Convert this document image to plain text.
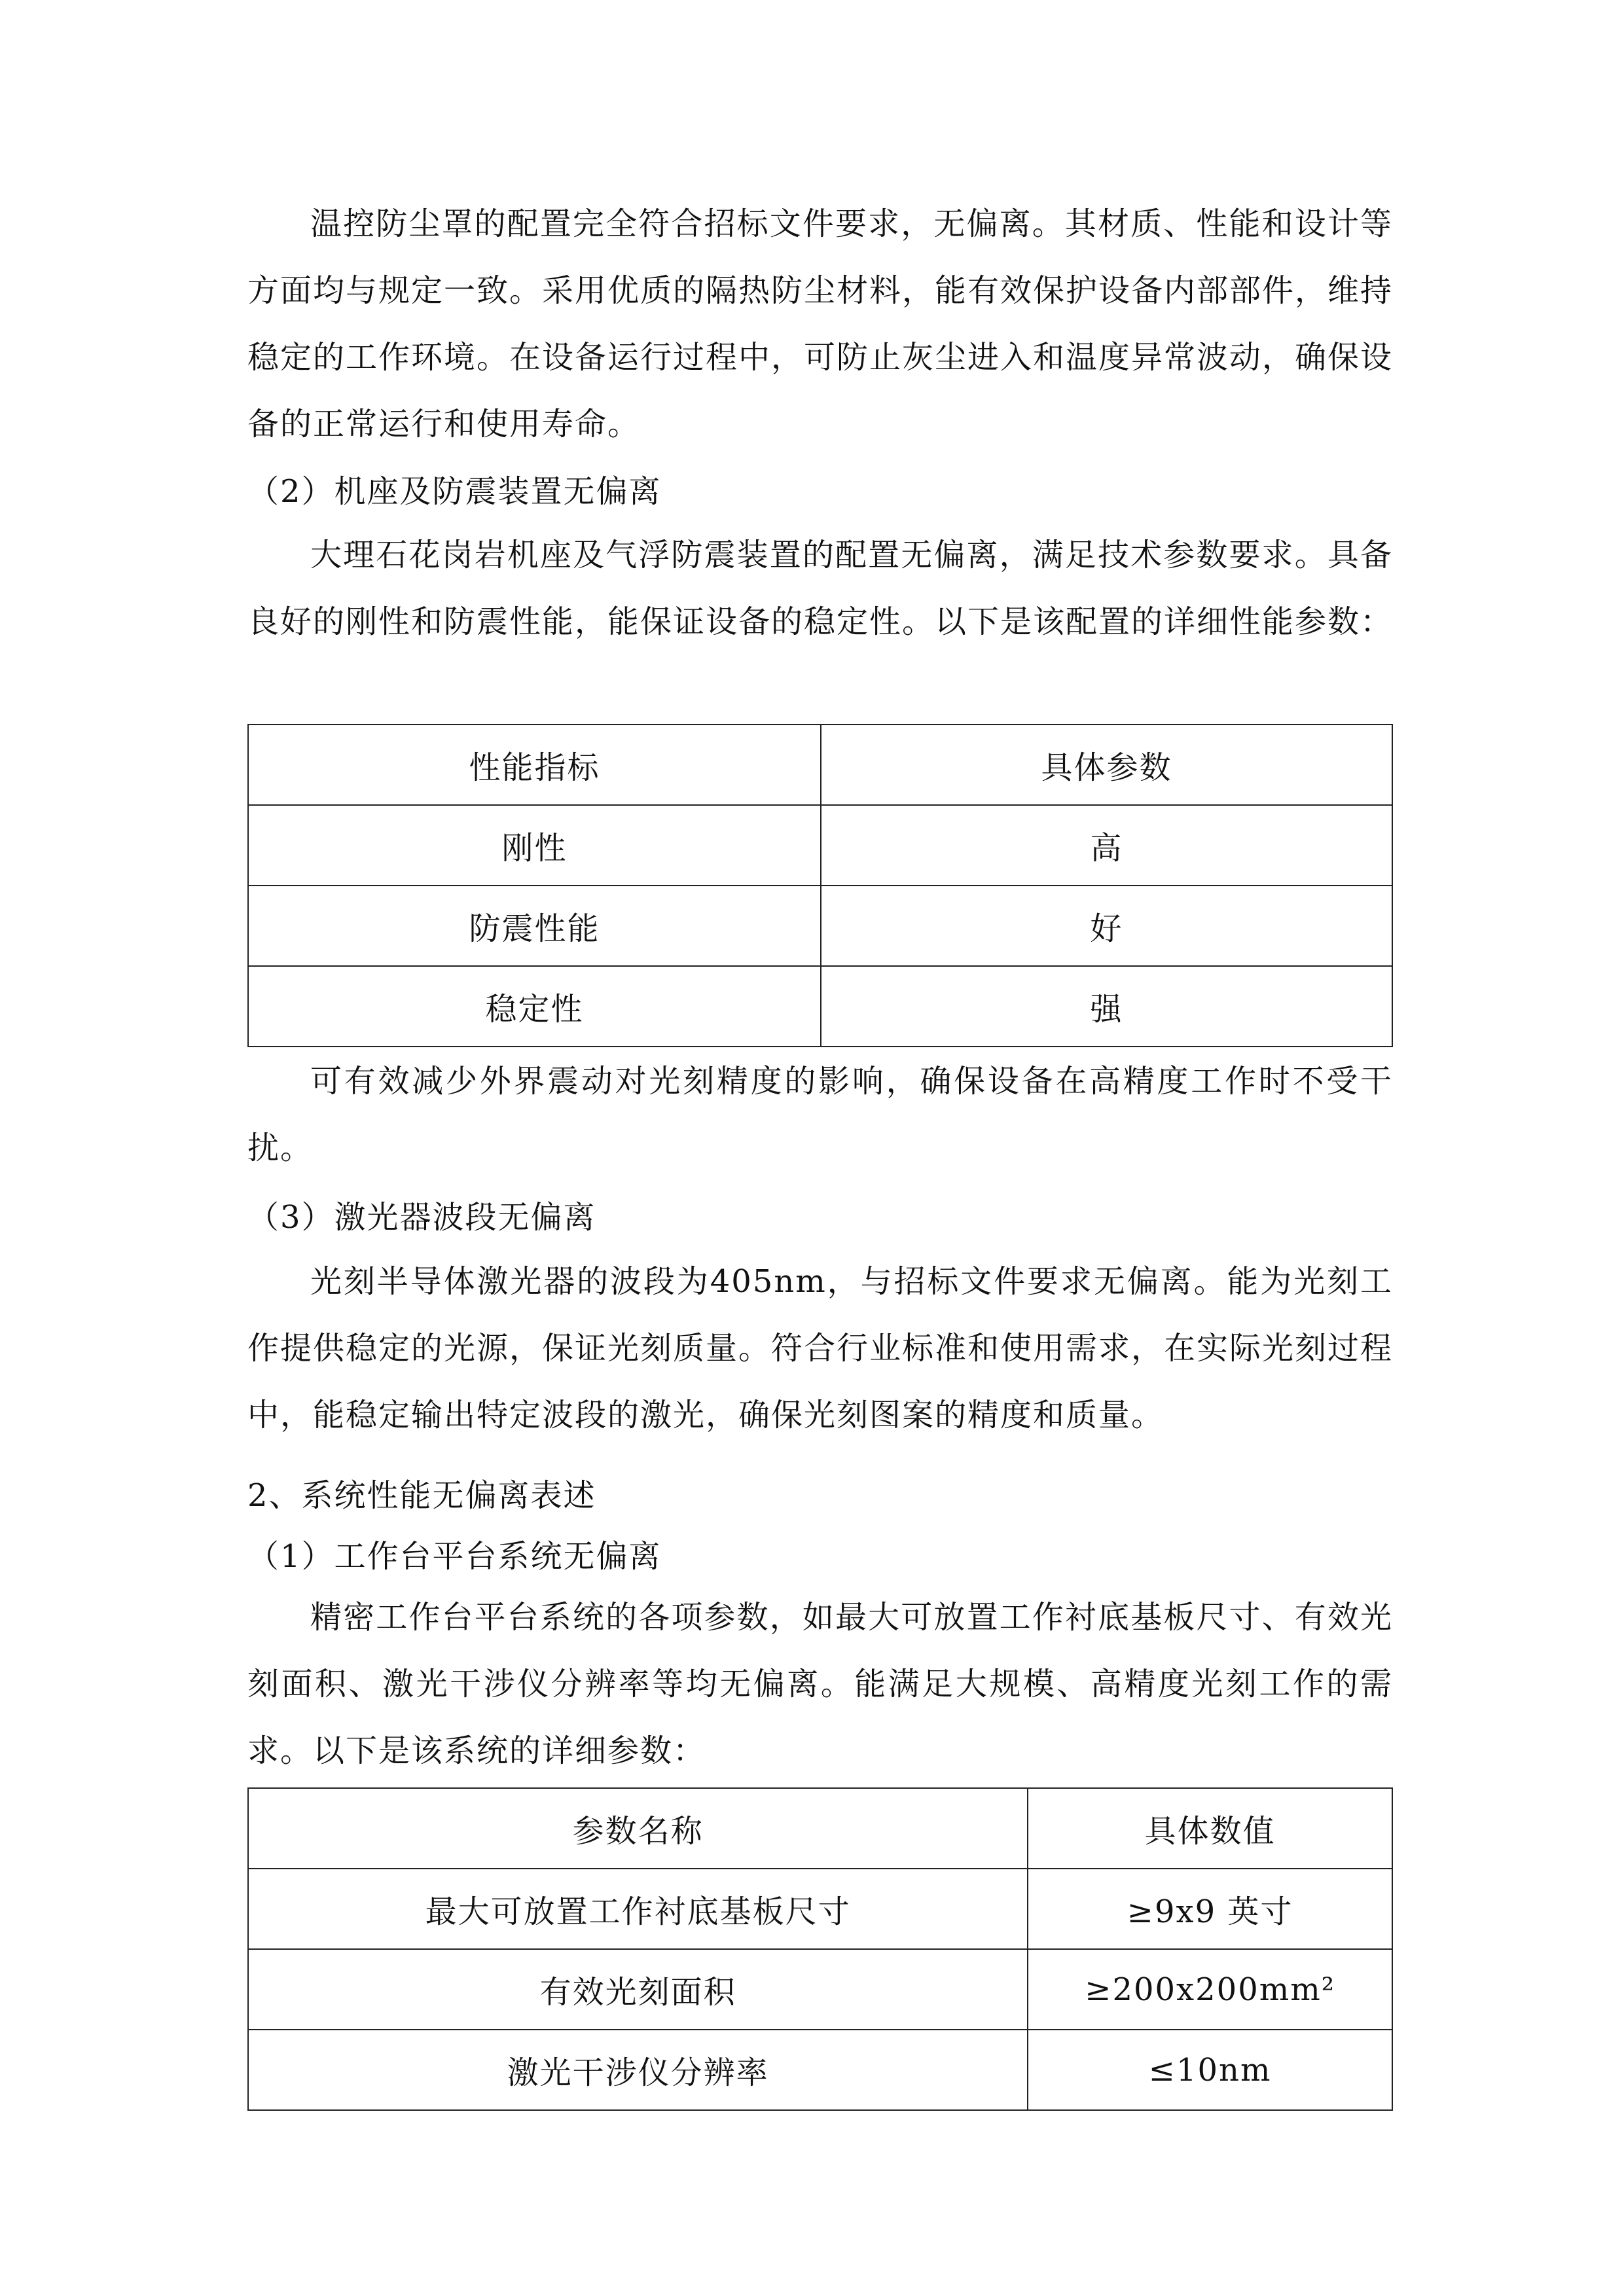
温控防尘罩的配置完全符合招标文件要求，无偏离。其材质、性能和设计等方面均与规定一致。采用优质的隔热防尘材料，能有效保护设备内部部件，维持稳定的工作环境。在设备运行过程中，可防止灰尘进入和温度异常波动，确保设备的正常运行和使用寿命。

（2）机座及防震装置无偏离

大理石花岗岩机座及气浮防震装置的配置无偏离，满足技术参数要求。具备良好的刚性和防震性能，能保证设备的稳定性。以下是该配置的详细性能参数：

性能指标	具体参数
刚性	高
防震性能	好
稳定性	强

可有效减少外界震动对光刻精度的影响，确保设备在高精度工作时不受干扰。

（3）激光器波段无偏离

光刻半导体激光器的波段为405nm，与招标文件要求无偏离。能为光刻工作提供稳定的光源，保证光刻质量。符合行业标准和使用需求，在实际光刻过程中，能稳定输出特定波段的激光，确保光刻图案的精度和质量。

2、系统性能无偏离表述

（1）工作台平台系统无偏离

精密工作台平台系统的各项参数，如最大可放置工作衬底基板尺寸、有效光刻面积、激光干涉仪分辨率等均无偏离。能满足大规模、高精度光刻工作的需求。以下是该系统的详细参数：

参数名称	具体数值
最大可放置工作衬底基板尺寸	≥9x9 英寸
有效光刻面积	≥200x200mm²
激光干涉仪分辨率	≤10nm
